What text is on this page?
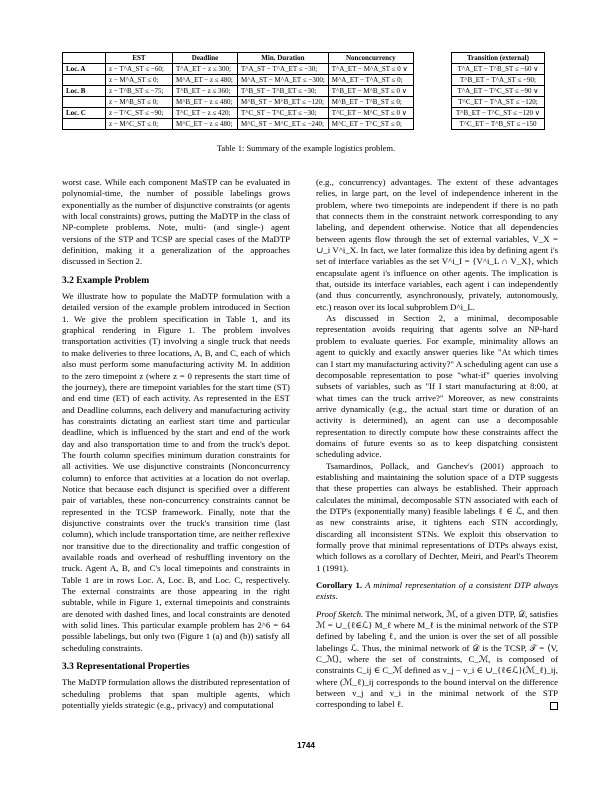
	EST	Deadline	Min. Duration	Nonconcurrency
Loc. A	z − T^A_ST ≤ −60;	T^A_ET − z ≤ 300;	T^A_ST − T^A_ET ≤ −30;	T^A_ET − M^A_ST ≤ 0 ∨
	z − M^A_ST ≤ 0;	M^A_ET − z ≤ 480;	M^A_ST − M^A_ET ≤ −300;	M^A_ET − T^A_ST ≤ 0;
Loc. B	z − T^B_ST ≤ −75;	T^B_ET − z ≤ 360;	T^B_ST − T^B_ET ≤ −30;	T^B_ET − M^B_ST ≤ 0 ∨
	z − M^B_ST ≤ 0;	M^B_ET − z ≤ 480;	M^B_ST − M^B_ET ≤ −120;	M^B_ET − T^B_ST ≤ 0;
Loc. C	z − T^C_ST ≤ −90;	T^C_ET − z ≤ 420;	T^C_ST − T^C_ET ≤ −30;	T^C_ET − M^C_ST ≤ 0 ∨
	z − M^C_ST ≤ 0;	M^C_ET − z ≤ 480;	M^C_ST − M^C_ET ≤ −240;	M^C_ET − T^C_ST ≤ 0;
Transition (external)
T^A_ET − T^B_ST ≤ −60 ∨
T^B_ET − T^A_ST ≤ −90;
T^A_ET − T^C_ST ≤ −90 ∨
T^C_ET − T^A_ST ≤ −120;
T^B_ET − T^C_ST ≤ −120 ∨
T^C_ET − T^B_ST ≤ −150
Table 1: Summary of the example logistics problem.

worst case. While each component MaSTP can be evaluated in polynomial-time, the number of possible labelings grows exponentially as the number of disjunctive constraints (or agents with local constraints) grows, putting the MaDTP in the class of NP-complete problems. Note, multi- (and single-) agent versions of the STP and TCSP are special cases of the MaDTP definition, making it a generalization of the approaches discussed in Section 2.

3.2 Example Problem

We illustrate how to populate the MaDTP formulation with a detailed version of the example problem introduced in Section 1. We give the problem specification in Table 1, and its graphical rendering in Figure 1. The problem involves transportation activities (T) involving a single truck that needs to make deliveries to three locations, A, B, and C, each of which also must perform some manufacturing activity M. In addition to the zero timepoint z (where z = 0 represents the start time of the journey), there are timepoint variables for the start time (ST) and end time (ET) of each activity. As represented in the EST and Deadline columns, each delivery and manufacturing activity has constraints dictating an earliest start time and particular deadline, which is influenced by the start and end of the work day and also transportation time to and from the truck's depot. The fourth column specifies minimum duration constraints for all activities. We use disjunctive constraints (Nonconcurrency column) to enforce that activities at a location do not overlap. Notice that because each disjunct is specified over a different pair of variables, these non-concurrency constraints cannot be represented in the TCSP framework. Finally, note that the disjunctive constraints over the truck's transition time (last column), which include transportation time, are neither reflexive nor transitive due to the directionality and traffic congestion of available roads and overhead of reshuffling inventory on the truck. Agent A, B, and C's local timepoints and constraints in Table 1 are in rows Loc. A, Loc. B, and Loc. C, respectively. The external constraints are those appearing in the right subtable, while in Figure 1, external timepoints and constraints are denoted with dashed lines, and local constraints are denoted with solid lines. This particular example problem has 2^6 = 64 possible labelings, but only two (Figure 1 (a) and (b)) satisfy all scheduling constraints.

3.3 Representational Properties

The MaDTP formulation allows the distributed representation of scheduling problems that span multiple agents, which potentially yields strategic (e.g., privacy) and computational

(e.g., concurrency) advantages. The extent of these advantages relies, in large part, on the level of independence inherent in the problem, where two timepoints are independent if there is no path that connects them in the constraint network corresponding to any labeling, and dependent otherwise. Notice that all dependencies between agents flow through the set of external variables, V_X = ∪_i V^i_X. In fact, we later formalize this idea by defining agent i's set of interface variables as the set V^i_I = {V^i_L ∩ V_X}, which encapsulate agent i's influence on other agents. The implication is that, outside its interface variables, each agent i can independently (and thus concurrently, asynchronously, privately, autonomously, etc.) reason over its local subproblem D^i_L.

As discussed in Section 2, a minimal, decomposable representation avoids requiring that agents solve an NP-hard problem to evaluate queries. For example, minimality allows an agent to quickly and exactly answer queries like "At which times can I start my manufacturing activity?" A scheduling agent can use a decomposable representation to pose "what-if" queries involving subsets of variables, such as "If I start manufacturing at 8:00, at what times can the truck arrive?" Moreover, as new constraints arrive dynamically (e.g., the actual start time or duration of an activity is determined), an agent can use a decomposable representation to directly compute how these constraints affect the domains of future events so as to keep dispatching consistent scheduling advice.

Tsamardinos, Pollack, and Ganchev's (2001) approach to establishing and maintaining the solution space of a DTP suggests that these properties can always be established. Their approach calculates the minimal, decomposable STN associated with each of the DTP's (exponentially many) feasible labelings ℓ ∈ ℒ, and then as new constraints arise, it tightens each STN accordingly, discarding all inconsistent STNs. We exploit this observation to formally prove that minimal representations of DTPs always exist, which follows as a corollary of Dechter, Meiri, and Pearl's Theorem 1 (1991).

Corollary 1. A minimal representation of a consistent DTP always exists.

Proof Sketch. The minimal network, ℳ, of a given DTP, 𝒟, satisfies ℳ = ∪_{ℓ∈ℒ} M_ℓ where M_ℓ is the minimal network of the STP defined by labeling ℓ, and the union is over the set of all possible labelings ℒ. Thus, the minimal network of 𝒟 is the TCSP, 𝒯 = ⟨V, C_ℳ⟩, where the set of constraints, C_ℳ, is composed of constraints C_ij ∈ C_ℳ defined as v_j − v_i ∈ ∪_{ℓ∈ℒ}(ℳ_ℓ)_ij, where (ℳ_ℓ)_ij corresponds to the bound interval on the difference between v_j and v_i in the minimal network of the STP corresponding to label ℓ.

1744
